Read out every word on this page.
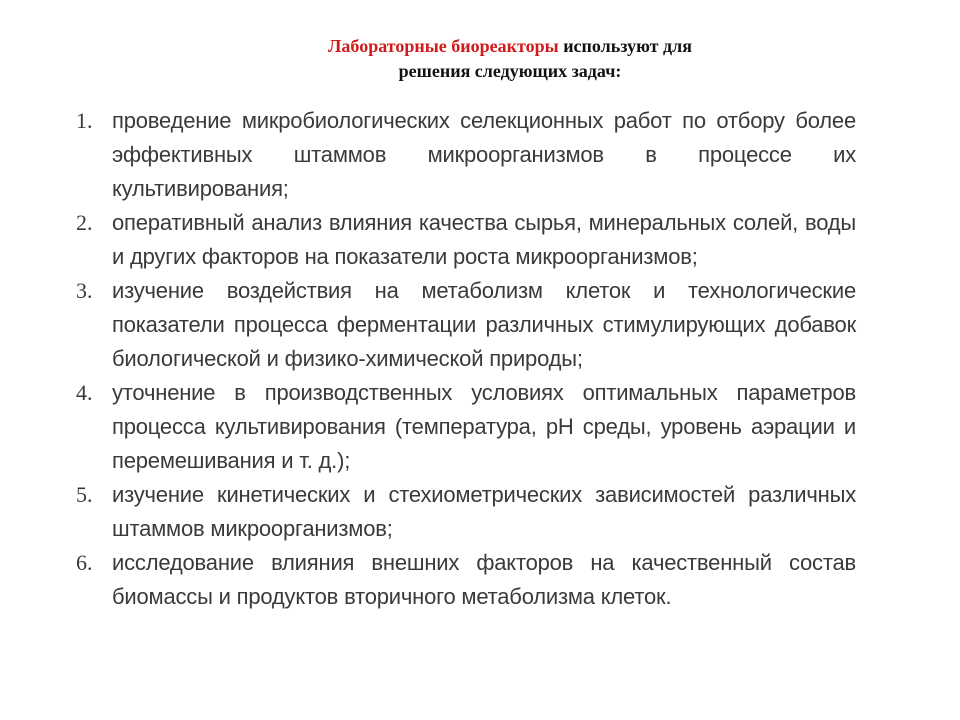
Лабораторные биореакторы используют для
решения следующих задач:
1. проведение микробиологических селекционных работ по отбору более эффективных штаммов микроорганизмов в процессе их культивирования;
2. оперативный анализ влияния качества сырья, минеральных солей, воды и других факторов на показатели роста микроорганизмов;
3. изучение воздействия на метаболизм клеток и технологические показатели процесса ферментации различных стимулирующих добавок биологической и физико-химической природы;
4. уточнение в производственных условиях оптимальных параметров процесса культивирования (температура, pH среды, уровень аэрации и перемешивания и т. д.);
5. изучение кинетических и стехиометрических зависимостей различных штаммов микроорганизмов;
6. исследование влияния внешних факторов на качественный состав биомассы и продуктов вторичного метаболизма клеток.
